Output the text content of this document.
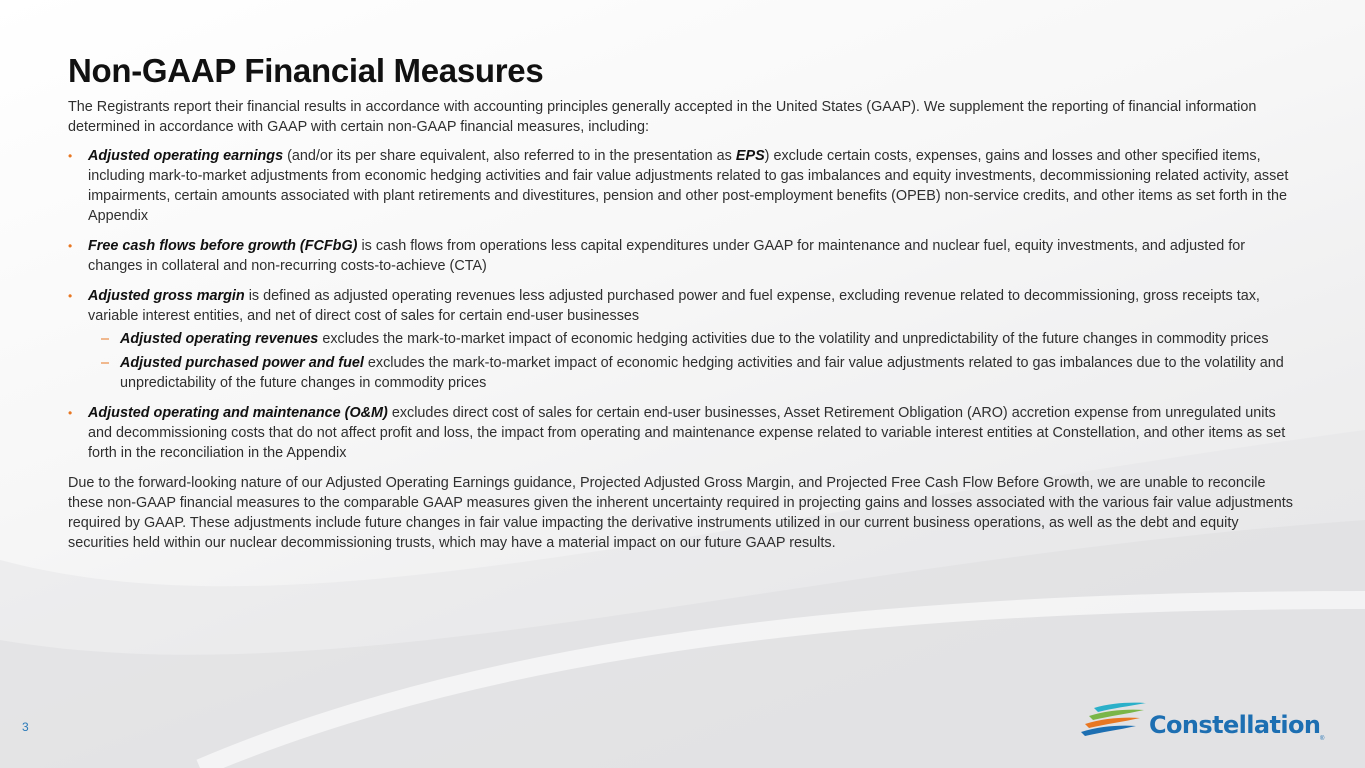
Non-GAAP Financial Measures

The Registrants report their financial results in accordance with accounting principles generally accepted in the United States (GAAP). We supplement the reporting of financial information determined in accordance with GAAP with certain non-GAAP financial measures, including:

• Adjusted operating earnings (and/or its per share equivalent, also referred to in the presentation as EPS) exclude certain costs, expenses, gains and losses and other specified items, including mark-to-market adjustments from economic hedging activities and fair value adjustments related to gas imbalances and equity investments, decommissioning related activity, asset impairments, certain amounts associated with plant retirements and divestitures, pension and other post-employment benefits (OPEB) non-service credits, and other items as set forth in the Appendix
• Free cash flows before growth (FCFbG) is cash flows from operations less capital expenditures under GAAP for maintenance and nuclear fuel, equity investments, and adjusted for changes in collateral and non-recurring costs-to-achieve (CTA)
• Adjusted gross margin is defined as adjusted operating revenues less adjusted purchased power and fuel expense, excluding revenue related to decommissioning, gross receipts tax, variable interest entities, and net of direct cost of sales for certain end-user businesses
– Adjusted operating revenues excludes the mark-to-market impact of economic hedging activities due to the volatility and unpredictability of the future changes in commodity prices
– Adjusted purchased power and fuel excludes the mark-to-market impact of economic hedging activities and fair value adjustments related to gas imbalances due to the volatility and unpredictability of the future changes in commodity prices
• Adjusted operating and maintenance (O&M) excludes direct cost of sales for certain end-user businesses, Asset Retirement Obligation (ARO) accretion expense from unregulated units and decommissioning costs that do not affect profit and loss, the impact from operating and maintenance expense related to variable interest entities at Constellation, and other items as set forth in the reconciliation in the Appendix

Due to the forward-looking nature of our Adjusted Operating Earnings guidance, Projected Adjusted Gross Margin, and Projected Free Cash Flow Before Growth, we are unable to reconcile these non-GAAP financial measures to the comparable GAAP measures given the inherent uncertainty required in projecting gains and losses associated with the various fair value adjustments required by GAAP. These adjustments include future changes in fair value impacting the derivative instruments utilized in our current business operations, as well as the debt and equity securities held within our nuclear decommissioning trusts, which may have a material impact on our future GAAP results.

3	Constellation ®
